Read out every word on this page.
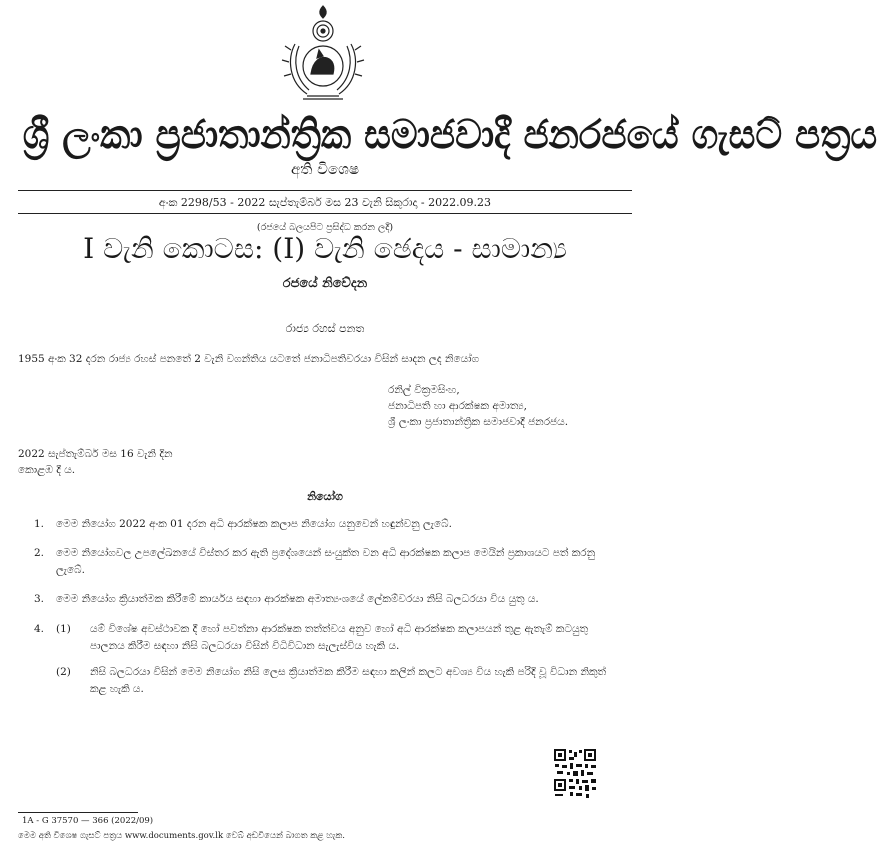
ශ්‍රී ලංකා ප්‍රජාතාන්ත්‍රික සමාජවාදී ජනරජයේ ගැසට් පත්‍රය
අති විශෙෂ
අංක 2298/53 - 2022 සැප්තැම්බර් මස 23 වැනි සිකුරාදා - 2022.09.23
(රජයේ බලයපිට ප්‍රසිද්ධ කරන ලදී)
I වැනි කොටස: (I) වැනි ඡෙදය - සාමාන්‍ය
රජයේ නිවේදන
රාජ්‍ය රහස් පනත
1955 අංක 32 දරන රාජ්‍ය රහස් පනතේ 2 වැනි වගන්තිය යටතේ ජනාධිපතිවරයා විසින් සාදන ලද නියෝග
රනිල් වික්‍රමසිංහ,
ජනාධිපති හා ආරක්ෂක අමාත්‍ය,
ශ්‍රී ලංකා ප්‍රජාතාන්ත්‍රික සමාජවාදී ජනරජය.
2022 සැප්තැම්බර් මස 16 වැනි දින
කොළඹ දී ය.
නියෝග
1. මෙම නියෝග 2022 අංක 01 දරන අධි ආරක්ෂක කලාප නියෝග යනුවෙන් හඳුන්වනු ලැබේ.
2. මෙම නියෝගවල උපලේඛනයේ විස්තර කර ඇති ප්‍රදේශයෙන් සංයුක්ත වන අධි ආරක්ෂක කලාප මෙයින් ප්‍රකාශයට පත් කරනු ලැබේ.
3. මෙම නියෝග ක්‍රියාත්මක කිරීමේ කාර්යය සඳහා ආරක්ෂක අමාත්‍යංශයේ ලේකම්වරයා නිසි බලධරයා විය යුතු ය.
4. (1) යම් විශේෂ අවස්ථාවක දී හෝ පවත්නා ආරක්ෂක තත්ත්වය අනුව හෝ අධි ආරක්ෂක කලාපයන් තුළ ඇතැම් කටයුතු පාලනය කිරීම සඳහා නිසි බලධරයා විසින් විධිවිධාන සැලැස්විය හැකි ය.
(2) නිසි බලධරයා විසින් මෙම නියෝග නිසි ලෙස ක්‍රියාත්මක කිරීම සඳහා කලින් කලට අවශ්‍ය විය හැකි පරිදි වූ විධාන නිකුත් කළ හැකි ය.
1A - G 37570 — 366 (2022/09)
මෙම අති විශෙෂ ගැසට් පත්‍රය www.documents.gov.lk වෙබ් අඩවියෙන් බාගත කළ හැක.
